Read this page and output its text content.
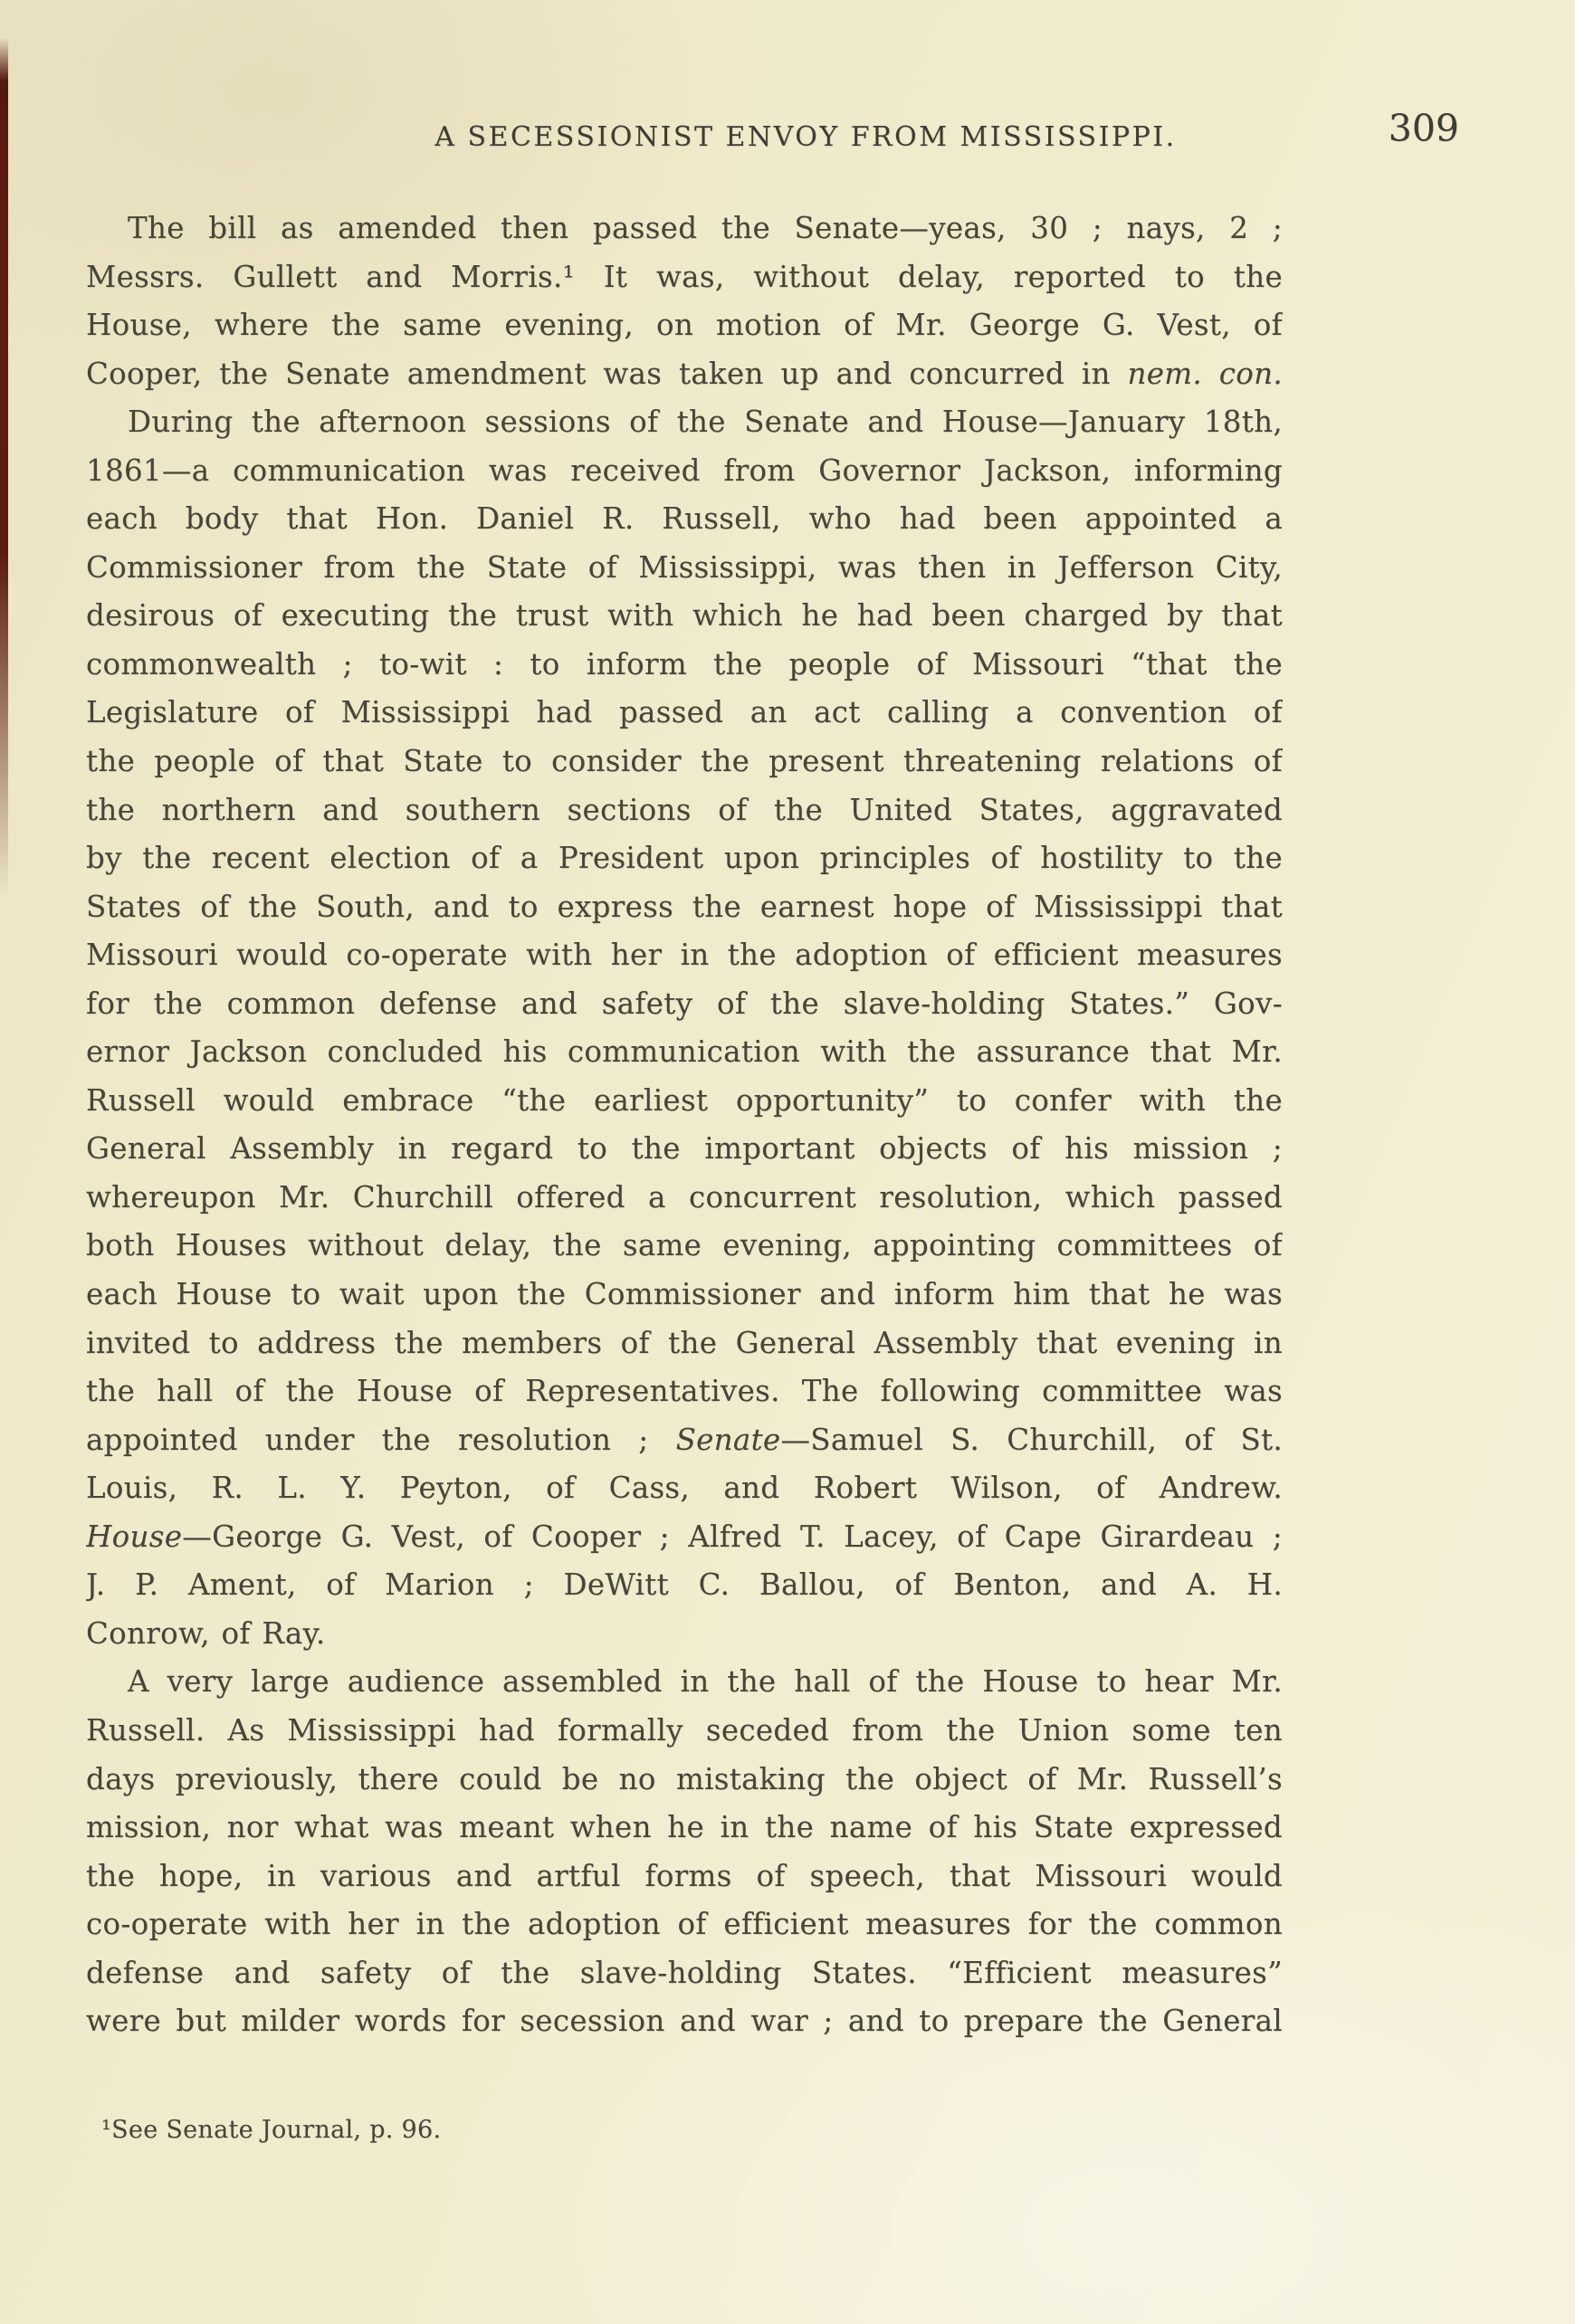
A SECESSIONIST ENVOY FROM MISSISSIPPI.	309
The bill as amended then passed the Senate—yeas, 30 ; nays, 2 ;
Messrs. Gullett and Morris.¹ It was, without delay, reported to the
House, where the same evening, on motion of Mr. George G. Vest, of
Cooper, the Senate amendment was taken up and concurred in nem. con.
During the afternoon sessions of the Senate and House—January 18th,
1861—a communication was received from Governor Jackson, informing
each body that Hon. Daniel R. Russell, who had been appointed a
Commissioner from the State of Mississippi, was then in Jefferson City,
desirous of executing the trust with which he had been charged by that
commonwealth ; to-wit : to inform the people of Missouri “that the
Legislature of Mississippi had passed an act calling a convention of
the people of that State to consider the present threatening relations of
the northern and southern sections of the United States, aggravated
by the recent election of a President upon principles of hostility to the
States of the South, and to express the earnest hope of Mississippi that
Missouri would co-operate with her in the adoption of efficient measures
for the common defense and safety of the slave-holding States.” Gov-
ernor Jackson concluded his communication with the assurance that Mr.
Russell would embrace “the earliest opportunity” to confer with the
General Assembly in regard to the important objects of his mission ;
whereupon Mr. Churchill offered a concurrent resolution, which passed
both Houses without delay, the same evening, appointing committees of
each House to wait upon the Commissioner and inform him that he was
invited to address the members of the General Assembly that evening in
the hall of the House of Representatives. The following committee was
appointed under the resolution ; Senate—Samuel S. Churchill, of St.
Louis, R. L. Y. Peyton, of Cass, and Robert Wilson, of Andrew.
House—George G. Vest, of Cooper ; Alfred T. Lacey, of Cape Girardeau ;
J. P. Ament, of Marion ; DeWitt C. Ballou, of Benton, and A. H.
Conrow, of Ray.
A very large audience assembled in the hall of the House to hear Mr.
Russell. As Mississippi had formally seceded from the Union some ten
days previously, there could be no mistaking the object of Mr. Russell’s
mission, nor what was meant when he in the name of his State expressed
the hope, in various and artful forms of speech, that Missouri would
co-operate with her in the adoption of efficient measures for the common
defense and safety of the slave-holding States. “Efficient measures”
were but milder words for secession and war ; and to prepare the General
¹See Senate Journal, p. 96.
